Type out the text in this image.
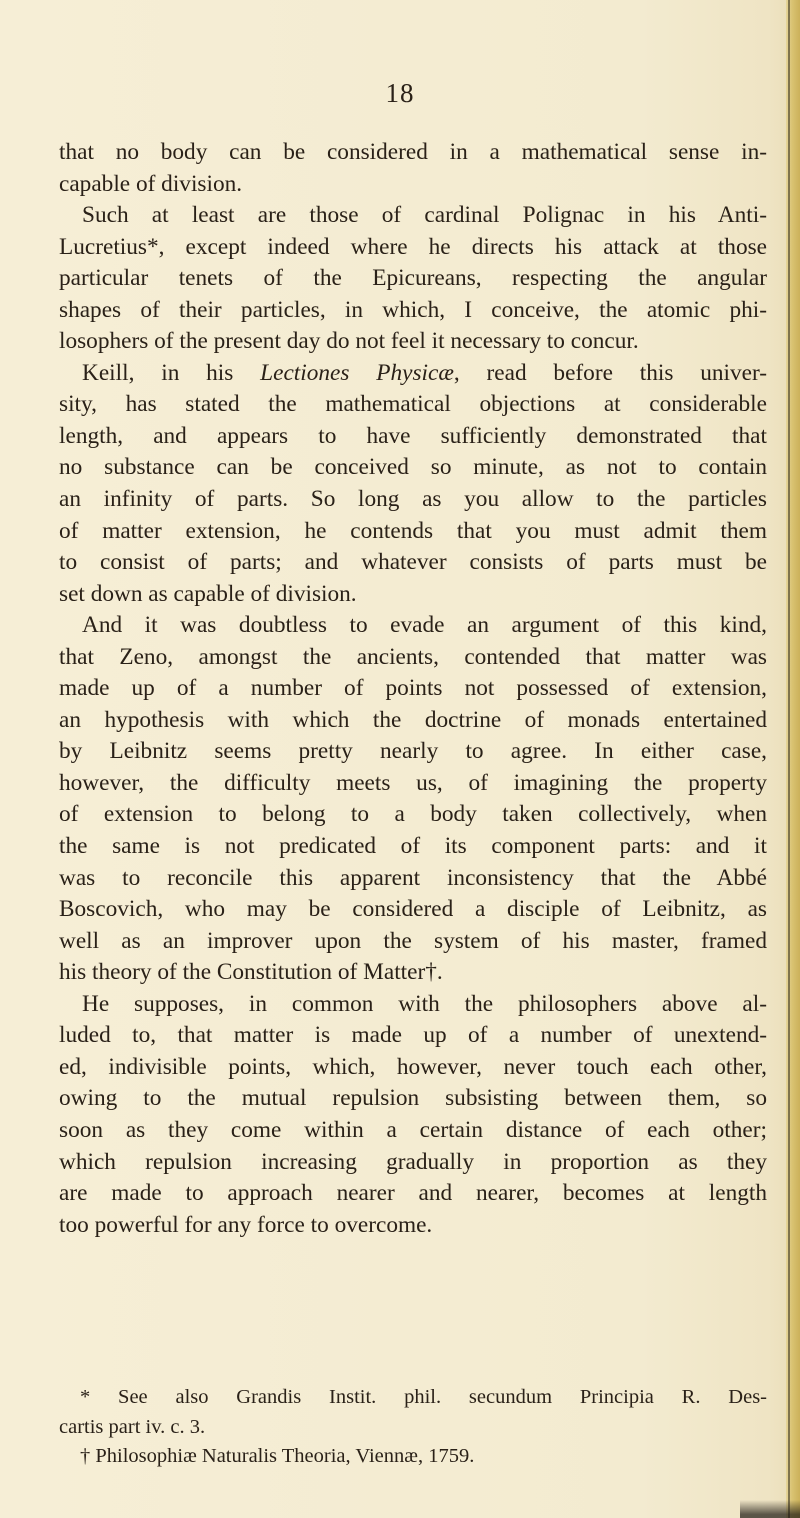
18
that no body can be considered in a mathematical sense in-
capable of division.
Such at least are those of cardinal Polignac in his Anti-
Lucretius*, except indeed where he directs his attack at those
particular tenets of the Epicureans, respecting the angular
shapes of their particles, in which, I conceive, the atomic phi-
losophers of the present day do not feel it necessary to concur.
Keill, in his Lectiones Physicæ, read before this univer-
sity, has stated the mathematical objections at considerable
length, and appears to have sufficiently demonstrated that
no substance can be conceived so minute, as not to contain
an infinity of parts. So long as you allow to the particles
of matter extension, he contends that you must admit them
to consist of parts; and whatever consists of parts must be
set down as capable of division.
And it was doubtless to evade an argument of this kind,
that Zeno, amongst the ancients, contended that matter was
made up of a number of points not possessed of extension,
an hypothesis with which the doctrine of monads entertained
by Leibnitz seems pretty nearly to agree. In either case,
however, the difficulty meets us, of imagining the property
of extension to belong to a body taken collectively, when
the same is not predicated of its component parts: and it
was to reconcile this apparent inconsistency that the Abbé
Boscovich, who may be considered a disciple of Leibnitz, as
well as an improver upon the system of his master, framed
his theory of the Constitution of Matter†.
He supposes, in common with the philosophers above al-
luded to, that matter is made up of a number of unextend-
ed, indivisible points, which, however, never touch each other,
owing to the mutual repulsion subsisting between them, so
soon as they come within a certain distance of each other;
which repulsion increasing gradually in proportion as they
are made to approach nearer and nearer, becomes at length
too powerful for any force to overcome.
* See also Grandis Instit. phil. secundum Principia R. Des-
cartis part iv. c. 3.
† Philosophiæ Naturalis Theoria, Viennæ, 1759.
